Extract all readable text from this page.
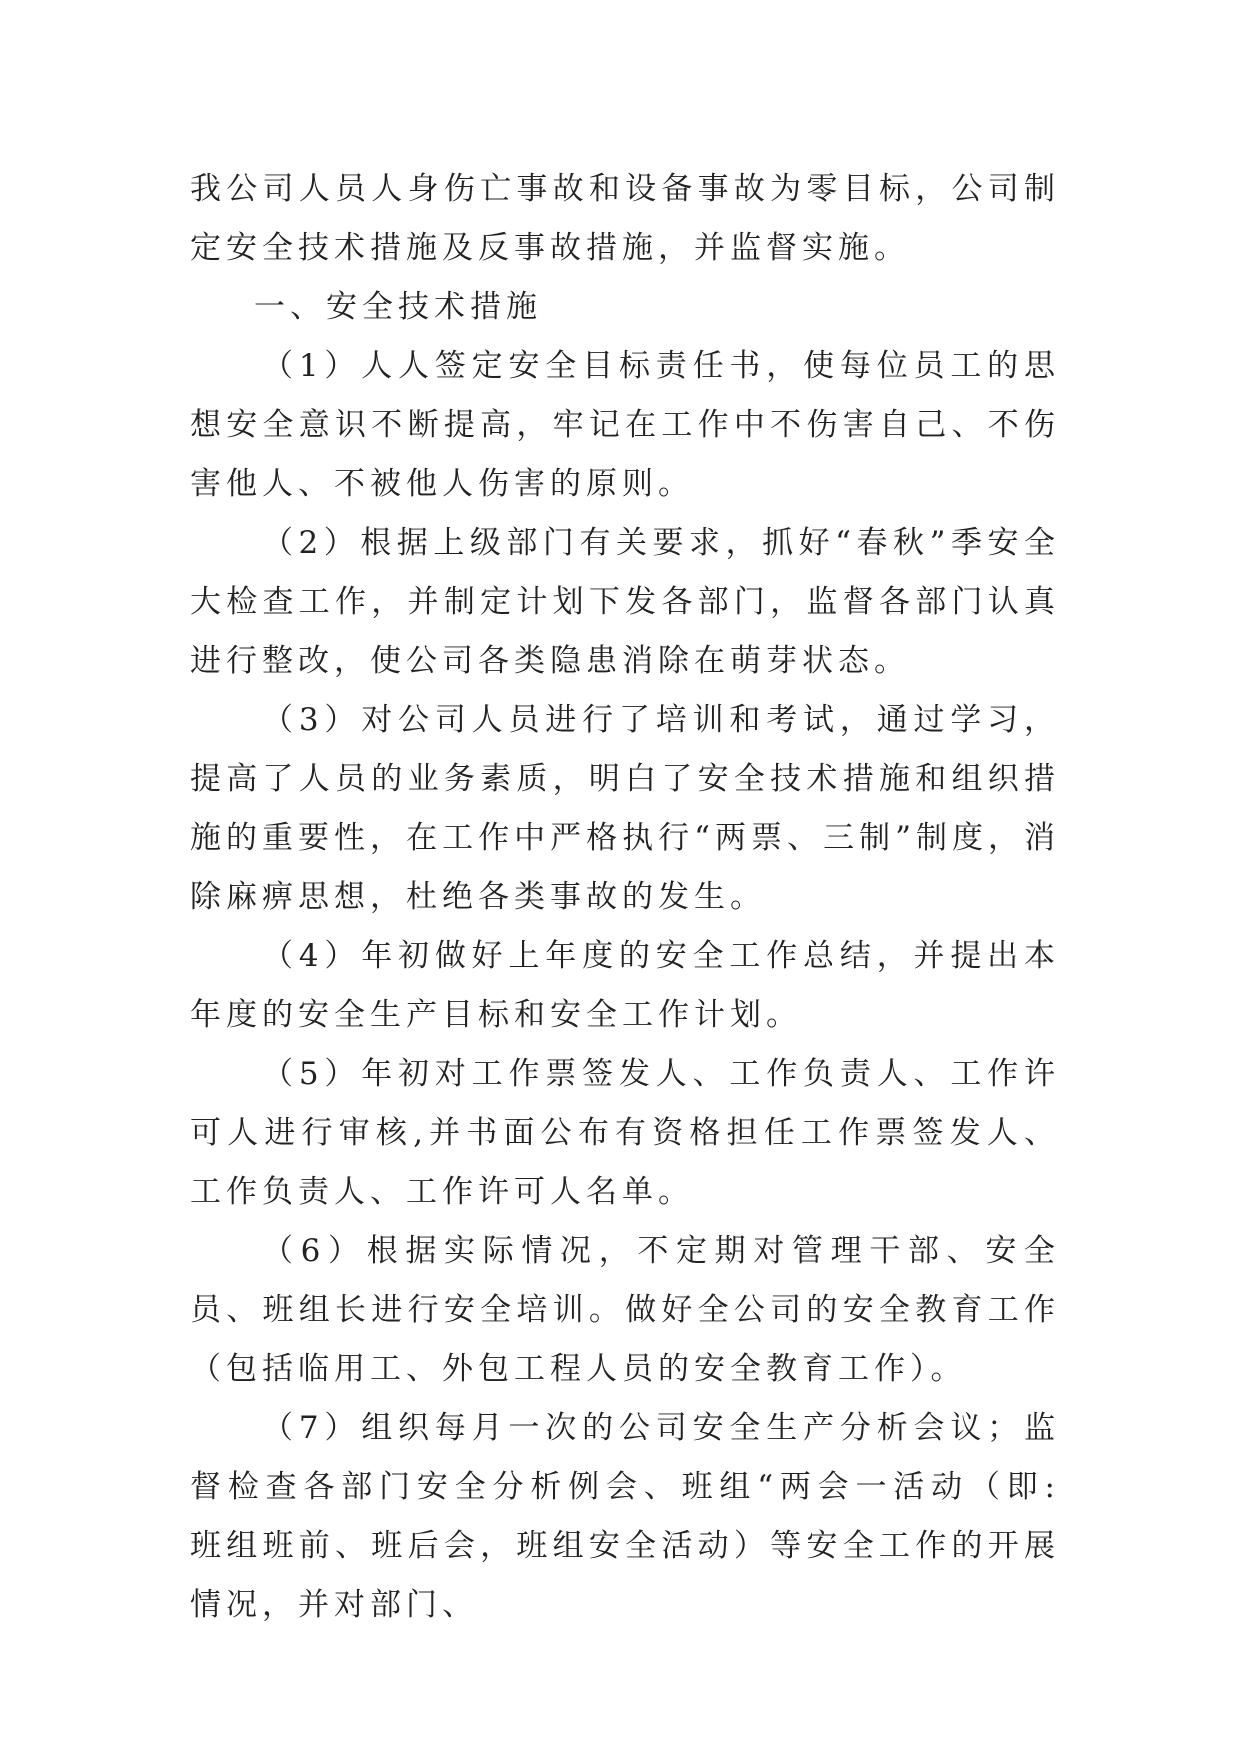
我公司人员人身伤亡事故和设备事故为零目标，公司制定安全技术措施及反事故措施，并监督实施。

一、安全技术措施

（1）人人签定安全目标责任书，使每位员工的思想安全意识不断提高，牢记在工作中不伤害自己、不伤害他人、不被他人伤害的原则。

（2）根据上级部门有关要求，抓好“春秋”季安全大检查工作，并制定计划下发各部门，监督各部门认真进行整改，使公司各类隐患消除在萌芽状态。

（3）对公司人员进行了培训和考试，通过学习，提高了人员的业务素质，明白了安全技术措施和组织措施的重要性，在工作中严格执行“两票、三制”制度，消除麻痹思想，杜绝各类事故的发生。

（4）年初做好上年度的安全工作总结，并提出本年度的安全生产目标和安全工作计划。

（5）年初对工作票签发人、工作负责人、工作许可人进行审核,并书面公布有资格担任工作票签发人、工作负责人、工作许可人名单。

（6）根据实际情况，不定期对管理干部、安全员、班组长进行安全培训。做好全公司的安全教育工作（包括临用工、外包工程人员的安全教育工作）。

（7）组织每月一次的公司安全生产分析会议；监督检查各部门安全分析例会、班组“两会一活动（即: 班组班前、班后会，班组安全活动）等安全工作的开展情况，并对部门、
